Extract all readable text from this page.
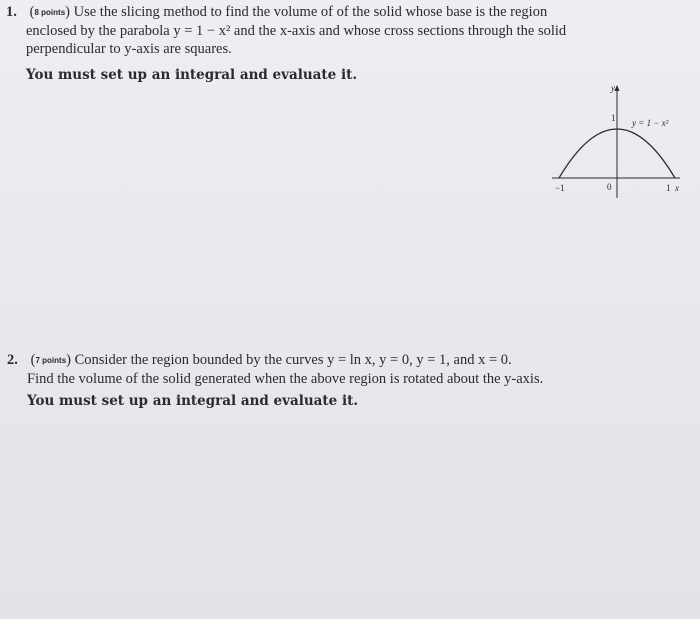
1. (8 points) Use the slicing method to find the volume of of the solid whose base is the region
enclosed by the parabola y = 1 − x² and the x-axis and whose cross sections through the solid
perpendicular to y-axis are squares.
You must set up an integral and evaluate it.
y
1 y = 1 − x²
−1	0	1 x
2. (7 points) Consider the region bounded by the curves y = ln x, y = 0, y = 1, and x = 0.
Find the volume of the solid generated when the above region is rotated about the y-axis.
You must set up an integral and evaluate it.
